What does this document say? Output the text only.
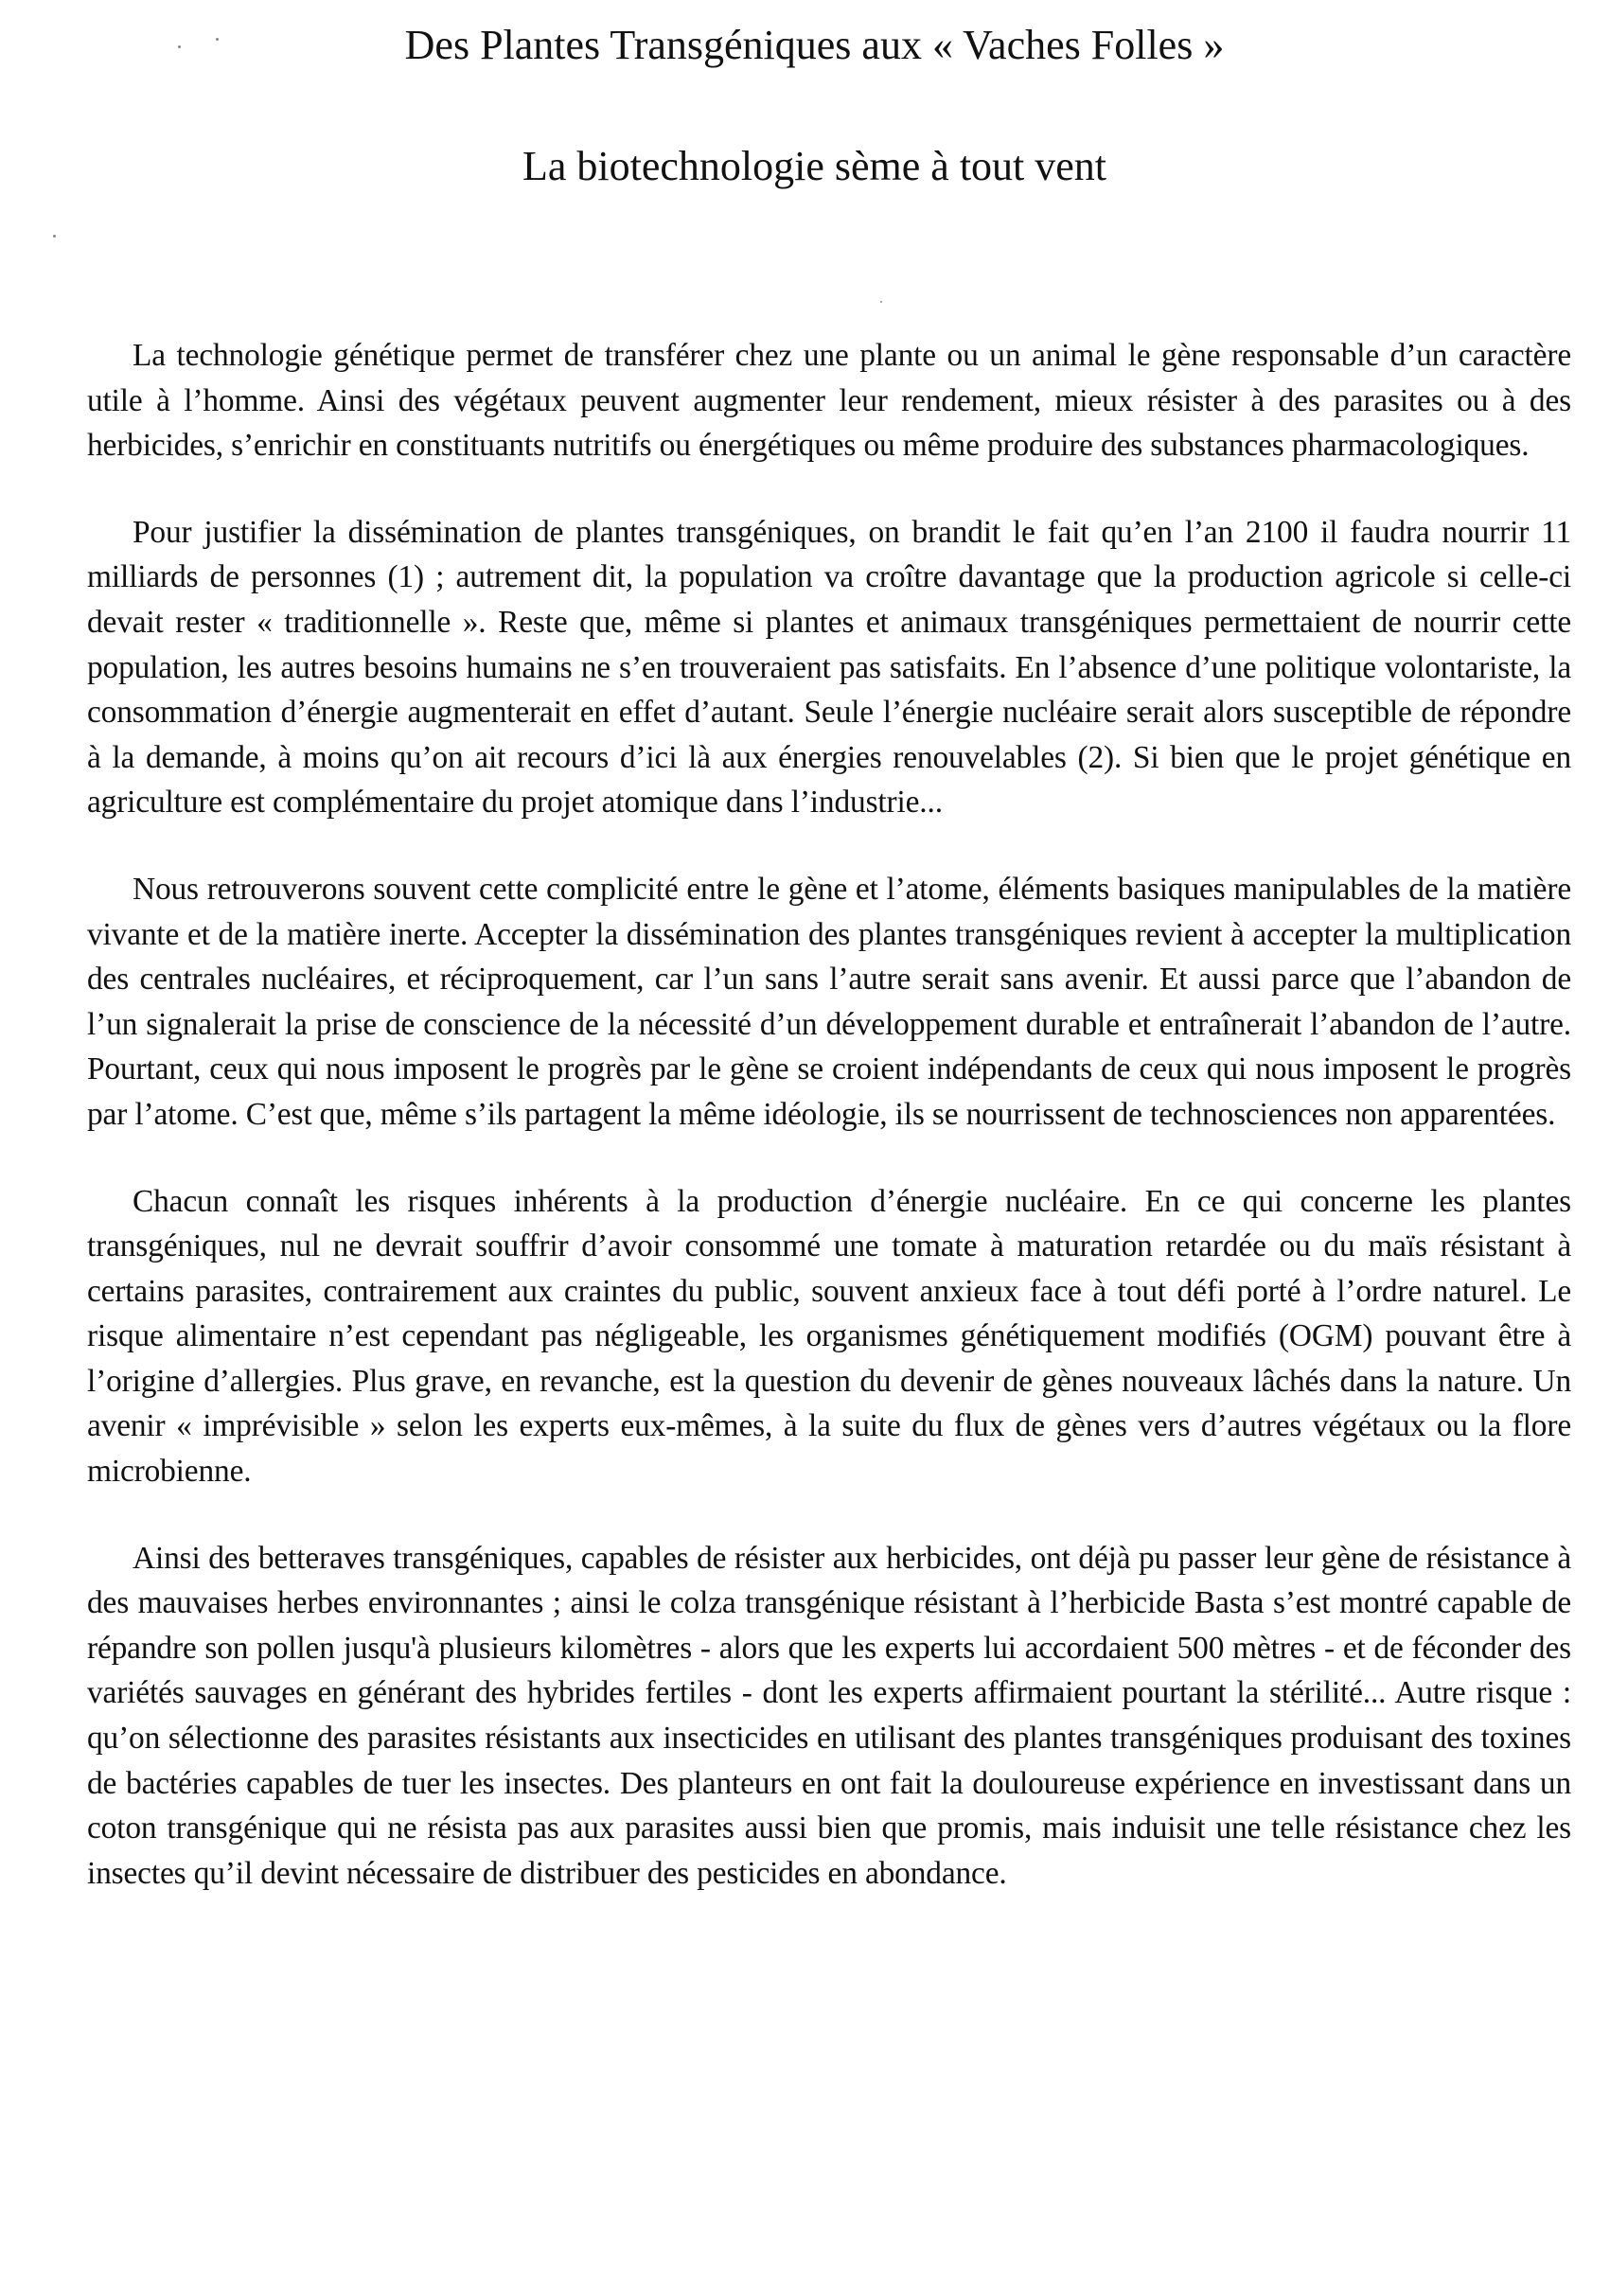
Des Plantes Transgéniques aux « Vaches Folles »
La biotechnologie sème à tout vent

La technologie génétique permet de transférer chez une plante ou un animal le gène responsable d’un caractère utile à l’homme. Ainsi des végétaux peuvent augmenter leur rendement, mieux résister à des parasites ou à des herbicides, s’enrichir en constituants nutritifs ou énergétiques ou même produire des substances pharmacologiques.

Pour justifier la dissémination de plantes transgéniques, on brandit le fait qu’en l’an 2100 il faudra nourrir 11 milliards de personnes (1) ; autrement dit, la population va croître davantage que la production agricole si celle-ci devait rester « traditionnelle ». Reste que, même si plantes et animaux transgéniques permettaient de nourrir cette population, les autres besoins humains ne s’en trouveraient pas satisfaits. En l’absence d’une politique volontariste, la consommation d’énergie augmenterait en effet d’autant. Seule l’énergie nucléaire serait alors susceptible de répondre à la demande, à moins qu’on ait recours d’ici là aux énergies renouvelables (2). Si bien que le projet génétique en agriculture est complémentaire du projet atomique dans l’industrie...

Nous retrouverons souvent cette complicité entre le gène et l’atome, éléments basiques manipulables de la matière vivante et de la matière inerte. Accepter la dissémination des plantes transgéniques revient à accepter la multiplication des centrales nucléaires, et réciproquement, car l’un sans l’autre serait sans avenir. Et aussi parce que l’abandon de l’un signalerait la prise de conscience de la nécessité d’un développement durable et entraînerait l’abandon de l’autre. Pourtant, ceux qui nous imposent le progrès par le gène se croient indépendants de ceux qui nous imposent le progrès par l’atome. C’est que, même s’ils partagent la même idéologie, ils se nourrissent de technosciences non apparentées.

Chacun connaît les risques inhérents à la production d’énergie nucléaire. En ce qui concerne les plantes transgéniques, nul ne devrait souffrir d’avoir consommé une tomate à maturation retardée ou du maïs résistant à certains parasites, contrairement aux craintes du public, souvent anxieux face à tout défi porté à l’ordre naturel. Le risque alimentaire n’est cependant pas négligeable, les organismes génétiquement modifiés (OGM) pouvant être à l’origine d’allergies. Plus grave, en revanche, est la question du devenir de gènes nouveaux lâchés dans la nature. Un avenir « imprévisible » selon les experts eux-mêmes, à la suite du flux de gènes vers d’autres végétaux ou la flore microbienne.

Ainsi des betteraves transgéniques, capables de résister aux herbicides, ont déjà pu passer leur gène de résistance à des mauvaises herbes environnantes ; ainsi le colza transgénique résistant à l’herbicide Basta s’est montré capable de répandre son pollen jusqu'à plusieurs kilomètres - alors que les experts lui accordaient 500 mètres - et de féconder des variétés sauvages en générant des hybrides fertiles - dont les experts affirmaient pourtant la stérilité... Autre risque : qu’on sélectionne des parasites résistants aux insecticides en utilisant des plantes transgéniques produisant des toxines de bactéries capables de tuer les insectes. Des planteurs en ont fait la douloureuse expérience en investissant dans un coton transgénique qui ne résista pas aux parasites aussi bien que promis, mais induisit une telle résistance chez les insectes qu’il devint nécessaire de distribuer des pesticides en abondance.
